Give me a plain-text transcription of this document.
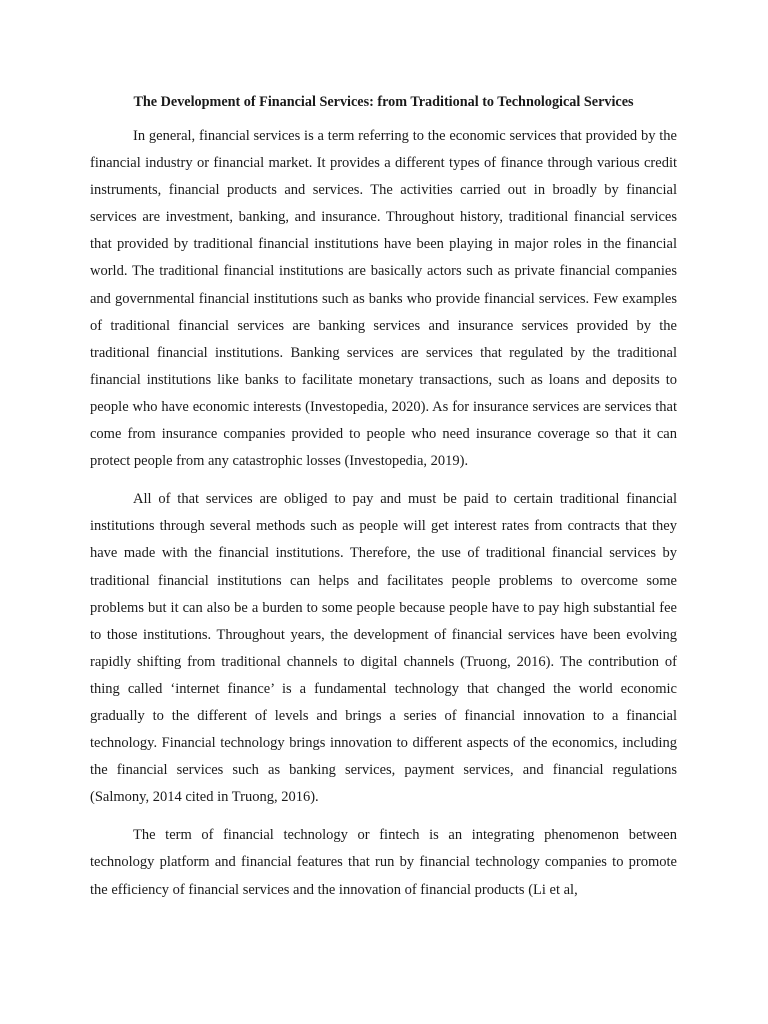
The Development of Financial Services: from Traditional to Technological Services

In general, financial services is a term referring to the economic services that provided by the financial industry or financial market. It provides a different types of finance through various credit instruments, financial products and services. The activities carried out in broadly by financial services are investment, banking, and insurance. Throughout history, traditional financial services that provided by traditional financial institutions have been playing in major roles in the financial world. The traditional financial institutions are basically actors such as private financial companies and governmental financial institutions such as banks who provide financial services. Few examples of traditional financial services are banking services and insurance services provided by the traditional financial institutions. Banking services are services that regulated by the traditional financial institutions like banks to facilitate monetary transactions, such as loans and deposits to people who have economic interests (Investopedia, 2020). As for insurance services are services that come from insurance companies provided to people who need insurance coverage so that it can protect people from any catastrophic losses (Investopedia, 2019).

All of that services are obliged to pay and must be paid to certain traditional financial institutions through several methods such as people will get interest rates from contracts that they have made with the financial institutions. Therefore, the use of traditional financial services by traditional financial institutions can helps and facilitates people problems to overcome some problems but it can also be a burden to some people because people have to pay high substantial fee to those institutions. Throughout years, the development of financial services have been evolving rapidly shifting from traditional channels to digital channels (Truong, 2016). The contribution of thing called ‘internet finance’ is a fundamental technology that changed the world economic gradually to the different of levels and brings a series of financial innovation to a financial technology. Financial technology brings innovation to different aspects of the economics, including the financial services such as banking services, payment services, and financial regulations (Salmony, 2014 cited in Truong, 2016).

The term of financial technology or fintech is an integrating phenomenon between technology platform and financial features that run by financial technology companies to promote the efficiency of financial services and the innovation of financial products (Li et al,
